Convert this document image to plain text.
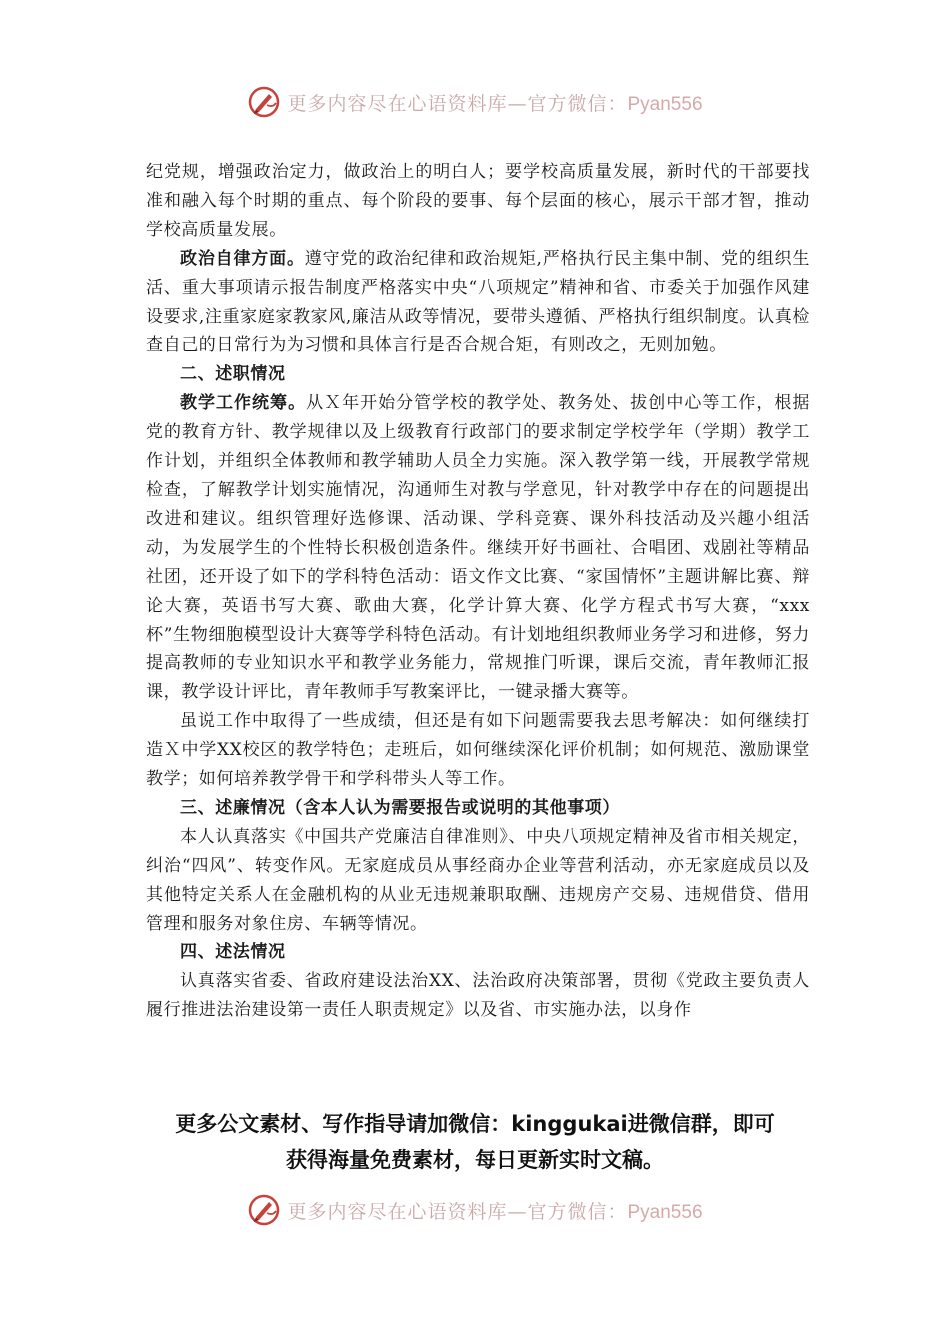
更多内容尽在心语资料库—官方微信：Pyan556

纪党规，增强政治定力，做政治上的明白人；要学校高质量发展，新时代的干部要找准和融入每个时期的重点、每个阶段的要事、每个层面的核心，展示干部才智，推动学校高质量发展。

政治自律方面。遵守党的政治纪律和政治规矩,严格执行民主集中制、党的组织生活、重大事项请示报告制度严格落实中央“八项规定”精神和省、市委关于加强作风建设要求,注重家庭家教家风,廉洁从政等情况，要带头遵循、严格执行组织制度。认真检查自己的日常行为为习惯和具体言行是否合规合矩，有则改之，无则加勉。

二、述职情况

教学工作统筹。从Ｘ年开始分管学校的教学处、教务处、拔创中心等工作，根据党的教育方针、教学规律以及上级教育行政部门的要求制定学校学年（学期）教学工作计划，并组织全体教师和教学辅助人员全力实施。深入教学第一线，开展教学常规检查，了解教学计划实施情况，沟通师生对教与学意见，针对教学中存在的问题提出改进和建议。组织管理好选修课、活动课、学科竞赛、课外科技活动及兴趣小组活动，为发展学生的个性特长积极创造条件。继续开好书画社、合唱团、戏剧社等精品社团，还开设了如下的学科特色活动：语文作文比赛、“家国情怀”主题讲解比赛、辩论大赛，英语书写大赛、歌曲大赛，化学计算大赛、化学方程式书写大赛，“xxx杯”生物细胞模型设计大赛等学科特色活动。有计划地组织教师业务学习和进修，努力提高教师的专业知识水平和教学业务能力，常规推门听课，课后交流，青年教师汇报课，教学设计评比，青年教师手写教案评比，一键录播大赛等。

虽说工作中取得了一些成绩，但还是有如下问题需要我去思考解决：如何继续打造Ｘ中学XX校区的教学特色；走班后，如何继续深化评价机制；如何规范、激励课堂教学；如何培养教学骨干和学科带头人等工作。

三、述廉情况（含本人认为需要报告或说明的其他事项）

本人认真落实《中国共产党廉洁自律准则》、中央八项规定精神及省市相关规定，纠治“四风”、转变作风。无家庭成员从事经商办企业等营利活动，亦无家庭成员以及其他特定关系人在金融机构的从业无违规兼职取酬、违规房产交易、违规借贷、借用管理和服务对象住房、车辆等情况。

四、述法情况

认真落实省委、省政府建设法治XX、法治政府决策部署，贯彻《党政主要负责人履行推进法治建设第一责任人职责规定》以及省、市实施办法，以身作

更多公文素材、写作指导请加微信：kinggukai进微信群，即可
获得海量免费素材，每日更新实时文稿。
更多内容尽在心语资料库—官方微信：Pyan556
